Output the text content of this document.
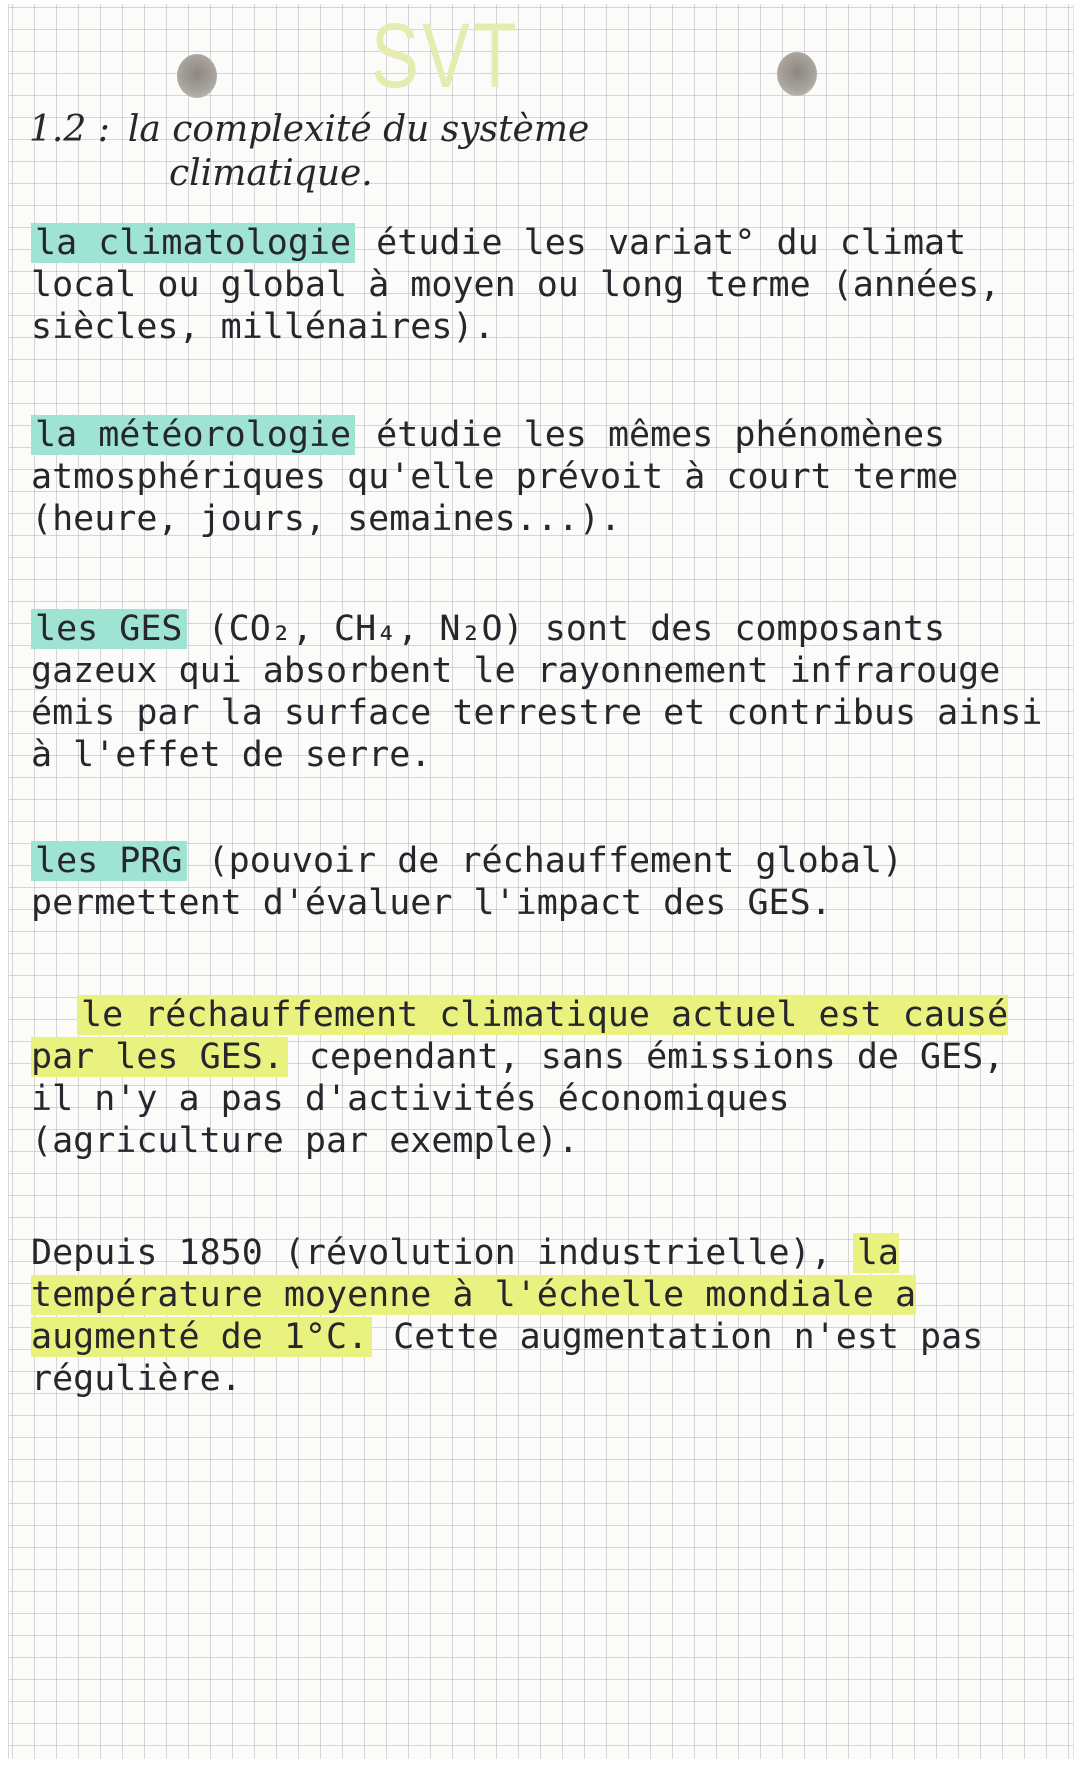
SVT
1.2 : la complexité du système
climatique.

la climatologie étudie les variat° du climat local ou global à moyen ou long terme (années, siècles, millénaires).

la météorologie étudie les mêmes phénomènes atmosphériques qu'elle prévoit à court terme (heure, jours, semaines...).

les GES (CO₂, CH₄, N₂O) sont des composants gazeux qui absorbent le rayonnement infrarouge émis par la surface terrestre et contribus ainsi à l'effet de serre.

les PRG (pouvoir de réchauffement global) permettent d'évaluer l'impact des GES.

le réchauffement climatique actuel est causé par les GES. cependant, sans émissions de GES, il n'y a pas d'activités économiques (agriculture par exemple).

Depuis 1850 (révolution industrielle), la température moyenne à l'échelle mondiale a augmenté de 1°C. Cette augmentation n'est pas régulière.
